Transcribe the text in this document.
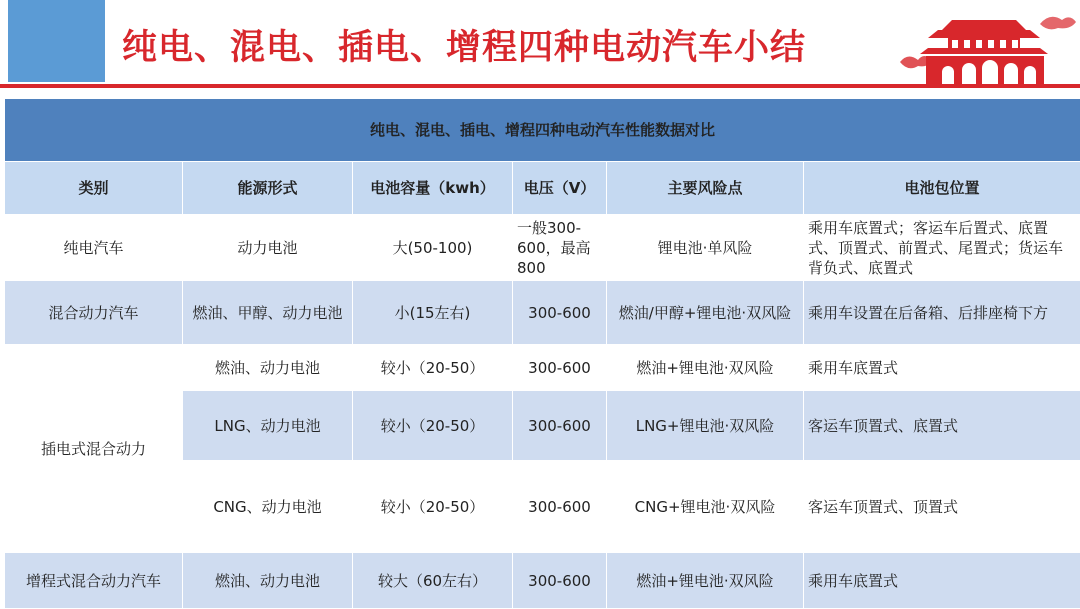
纯电、混电、插电、增程四种电动汽车小结
纯电、混电、插电、增程四种电动汽车性能数据对比					
类别	能源形式	电池容量（kwh）	电压（V）	主要风险点	电池包位置
纯电汽车	动力电池	大(50-100)	一般300-600，最高800	锂电池·单风险	乘用车底置式；客运车后置式、底置式、顶置式、前置式、尾置式；货运车背负式、底置式
混合动力汽车	燃油、甲醇、动力电池	小(15左右)	300-600	燃油/甲醇+锂电池·双风险	乘用车设置在后备箱、后排座椅下方
插电式混合动力	燃油、动力电池	较小（20-50）	300-600	燃油+锂电池·双风险	乘用车底置式
	LNG、动力电池	较小（20-50）	300-600	LNG+锂电池·双风险	客运车顶置式、底置式
	CNG、动力电池	较小（20-50）	300-600	CNG+锂电池·双风险	客运车顶置式、顶置式
增程式混合动力汽车	燃油、动力电池	较大（60左右）	300-600	燃油+锂电池·双风险	乘用车底置式
